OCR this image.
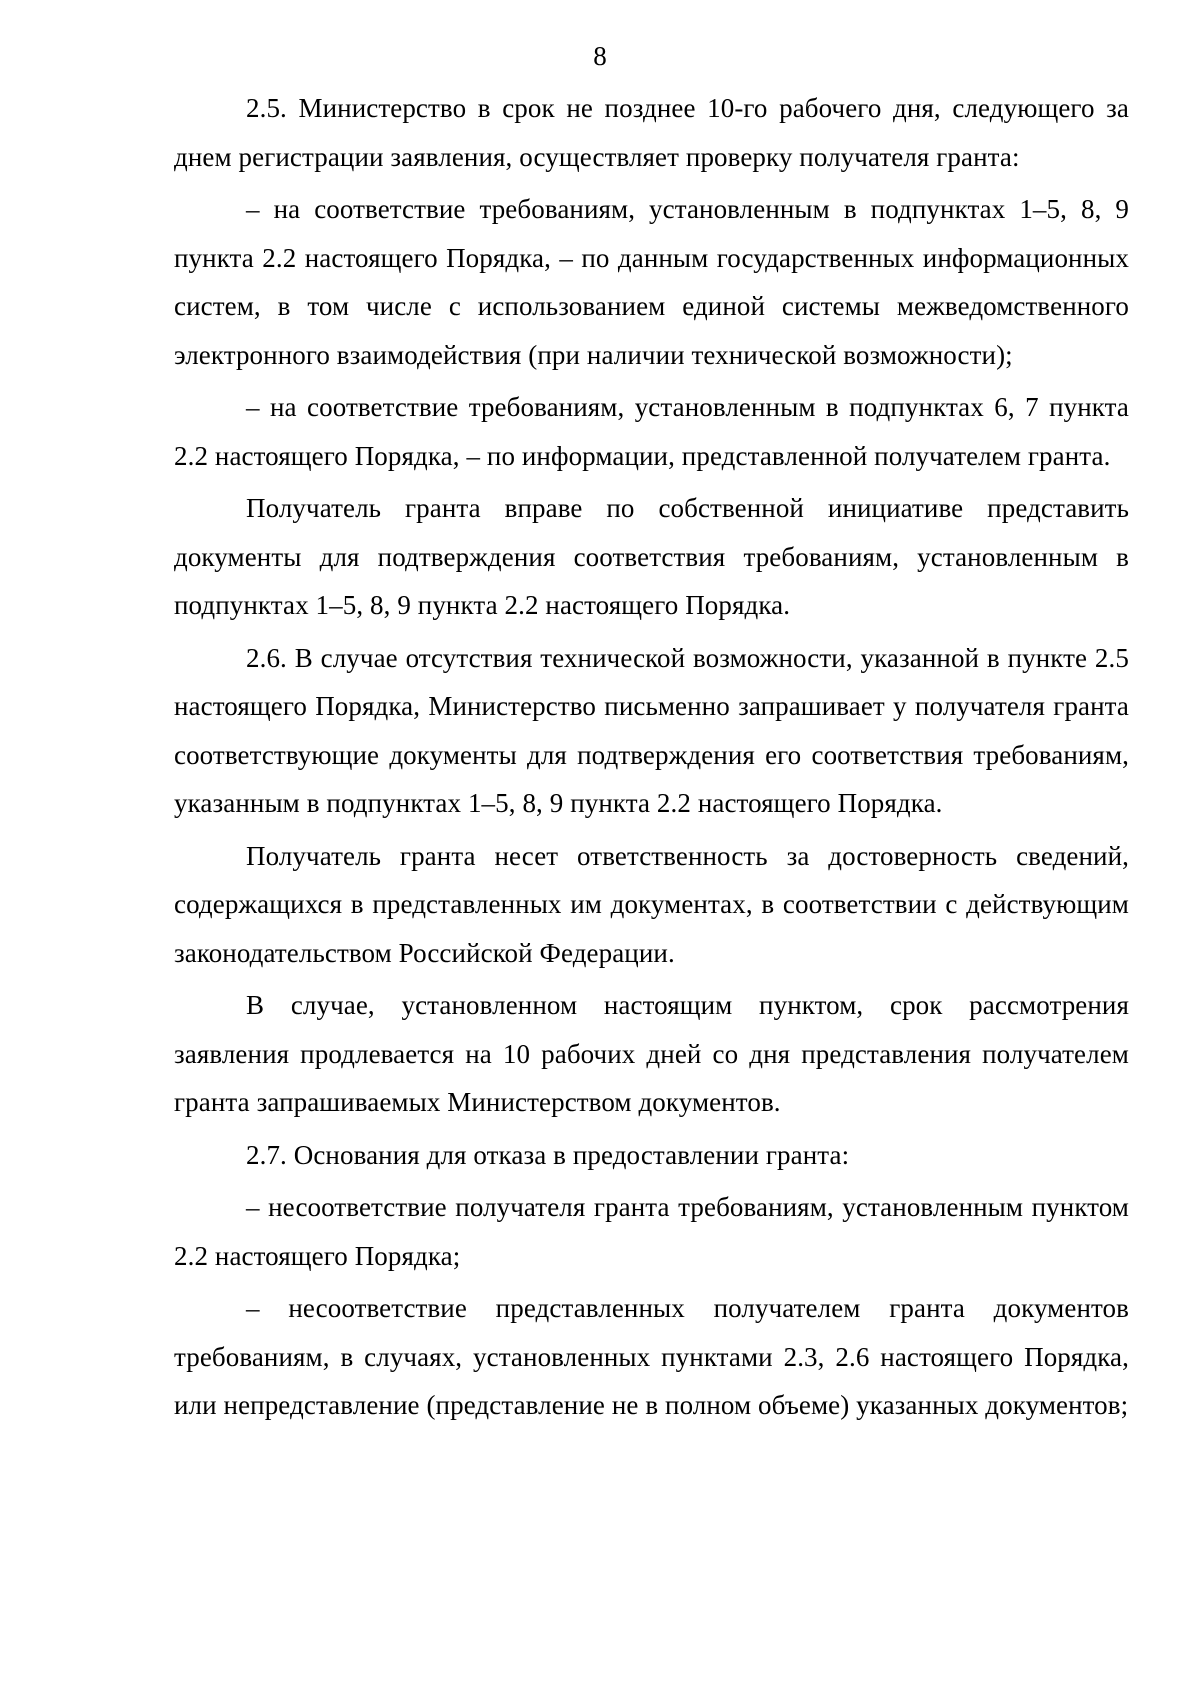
8

2.5. Министерство в срок не позднее 10-го рабочего дня, следующего за днем регистрации заявления, осуществляет проверку получателя гранта:

– на соответствие требованиям, установленным в подпунктах 1–5, 8, 9 пункта 2.2 настоящего Порядка, – по данным государственных информационных систем, в том числе с использованием единой системы межведомственного электронного взаимодействия (при наличии технической возможности);

– на соответствие требованиям, установленным в подпунктах 6, 7 пункта 2.2 настоящего Порядка, – по информации, представленной получателем гранта.

Получатель гранта вправе по собственной инициативе представить документы для подтверждения соответствия требованиям, установленным в подпунктах 1–5, 8, 9 пункта 2.2 настоящего Порядка.

2.6. В случае отсутствия технической возможности, указанной в пункте 2.5 настоящего Порядка, Министерство письменно запрашивает у получателя гранта соответствующие документы для подтверждения его соответствия требованиям, указанным в подпунктах 1–5, 8, 9 пункта 2.2 настоящего Порядка.

Получатель гранта несет ответственность за достоверность сведений, содержащихся в представленных им документах, в соответствии с действующим законодательством Российской Федерации.

В случае, установленном настоящим пунктом, срок рассмотрения заявления продлевается на 10 рабочих дней со дня представления получателем гранта запрашиваемых Министерством документов.

2.7. Основания для отказа в предоставлении гранта:

– несоответствие получателя гранта требованиям, установленным пунктом 2.2 настоящего Порядка;

– несоответствие представленных получателем гранта документов требованиям, в случаях, установленных пунктами 2.3, 2.6 настоящего Порядка, или непредставление (представление не в полном объеме) указанных документов;
